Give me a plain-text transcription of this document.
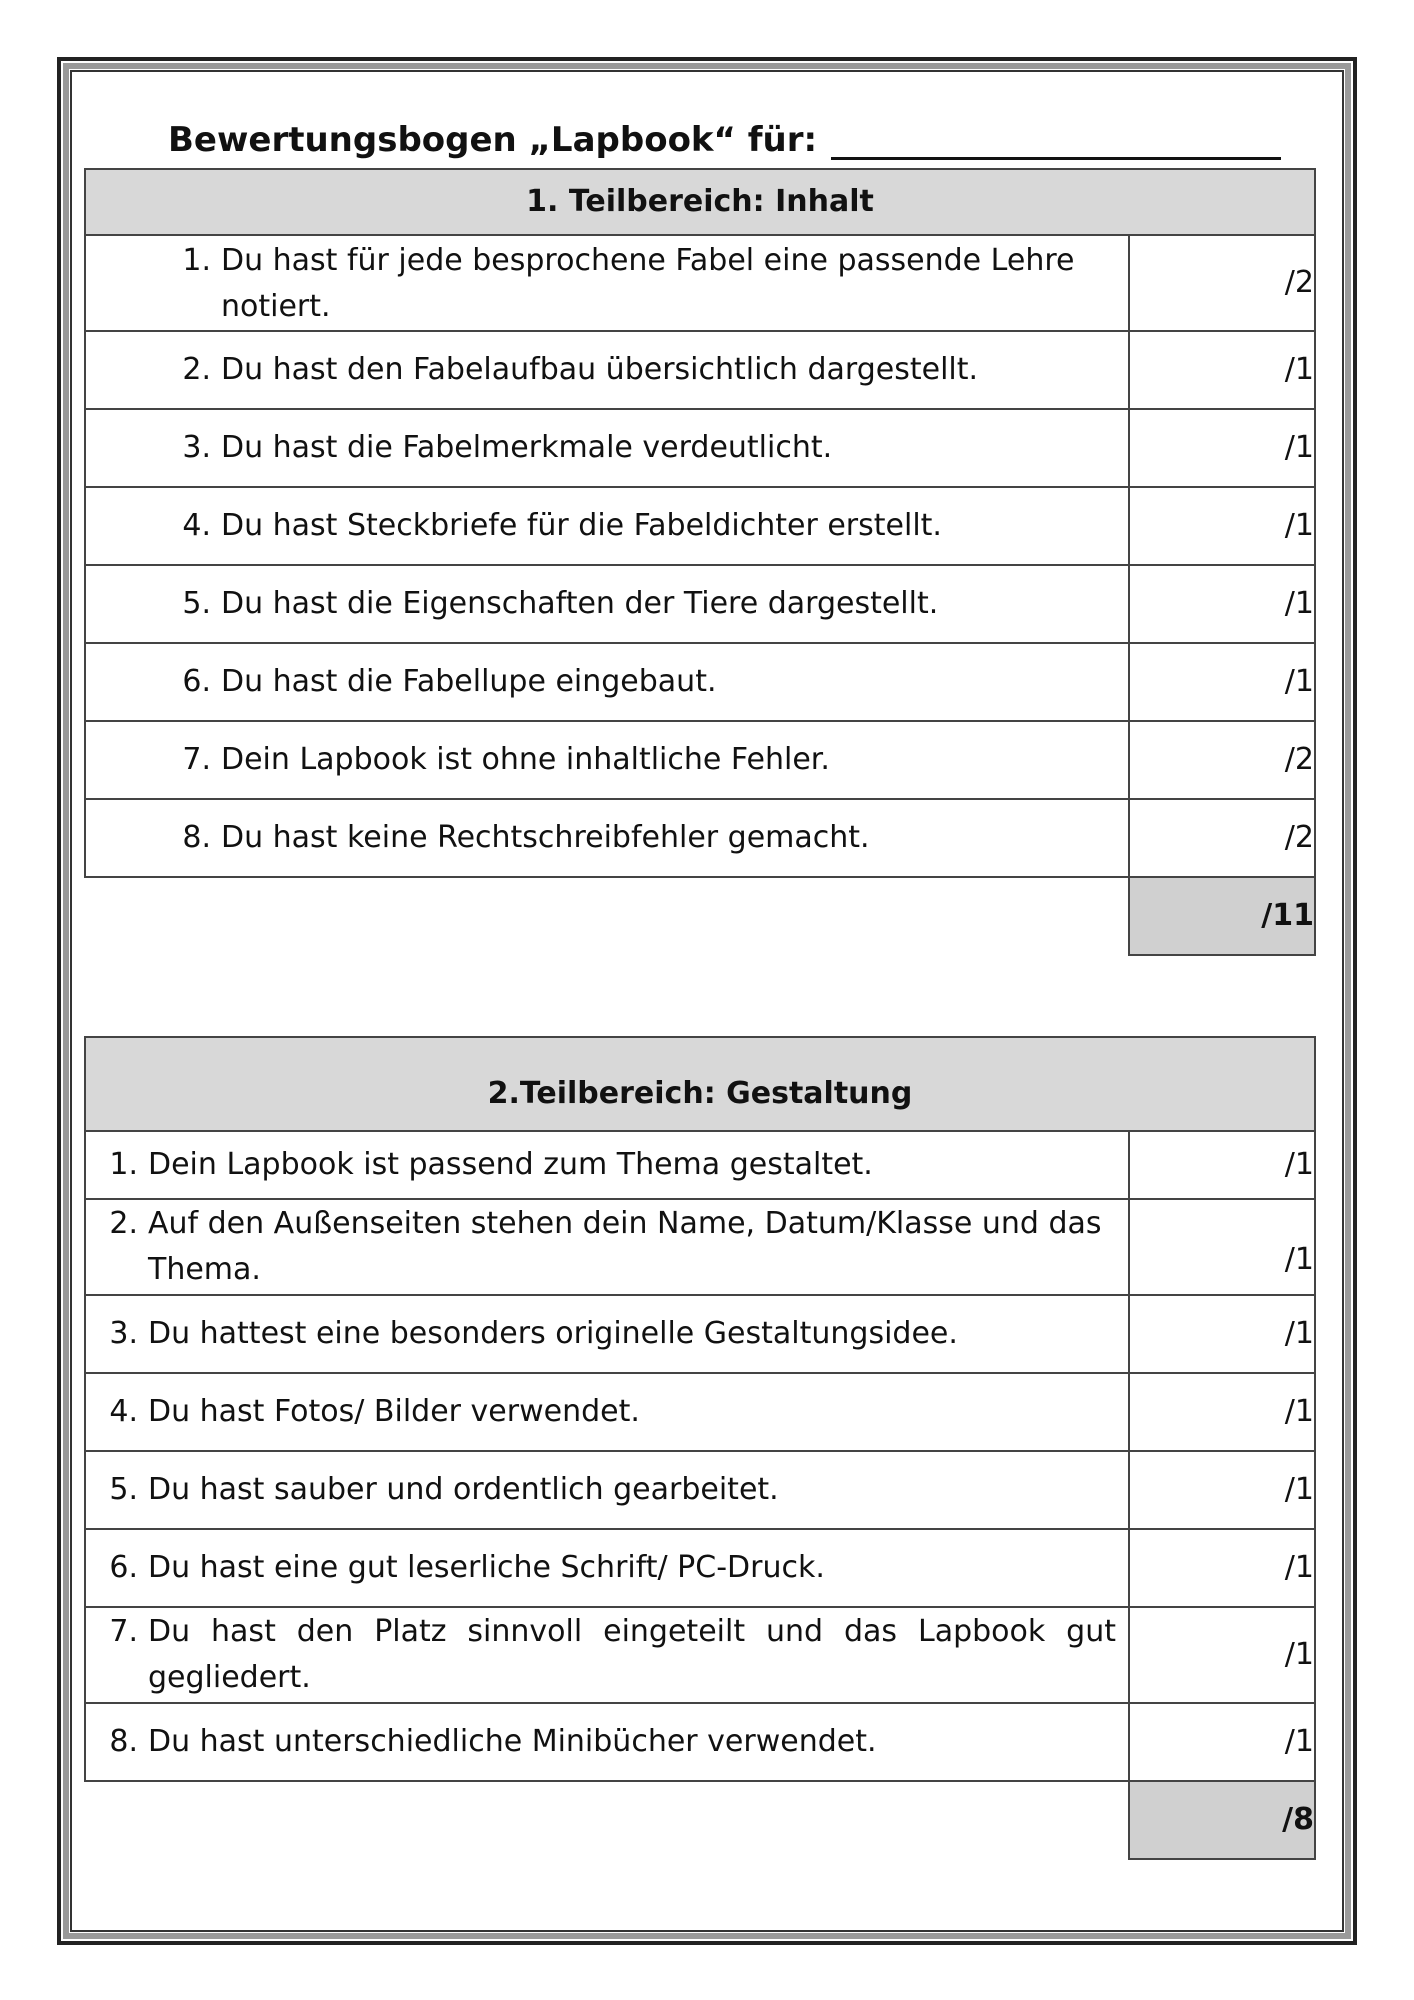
Bewertungsbogen „Lapbook“ für:
1. Teilbereich: Inhalt	

1. Du hast für jede besprochene Fabel eine passende Lehre notiert.	/2

2. Du hast den Fabelaufbau übersichtlich dargestellt.	/1

3. Du hast die Fabelmerkmale verdeutlicht.	/1

4. Du hast Steckbriefe für die Fabeldichter erstellt.	/1

5. Du hast die Eigenschaften der Tiere dargestellt.	/1

6. Du hast die Fabellupe eingebaut.	/1

7. Dein Lapbook ist ohne inhaltliche Fehler.	/2

8. Du hast keine Rechtschreibfehler gemacht.	/2
	/11
2.Teilbereich: Gestaltung	

1. Dein Lapbook ist passend zum Thema gestaltet.	/1

2. Auf den Außenseiten stehen dein Name, Datum/Klasse und das Thema.	/1

3. Du hattest eine besonders originelle Gestaltungsidee.	/1

4. Du hast Fotos/ Bilder verwendet.	/1

5. Du hast sauber und ordentlich gearbeitet.	/1

6. Du hast eine gut leserliche Schrift/ PC-Druck.	/1

7. Du hast den Platz sinnvoll eingeteilt und das Lapbook gut gegliedert.	/1

8. Du hast unterschiedliche Minibücher verwendet.	/1
	/8
